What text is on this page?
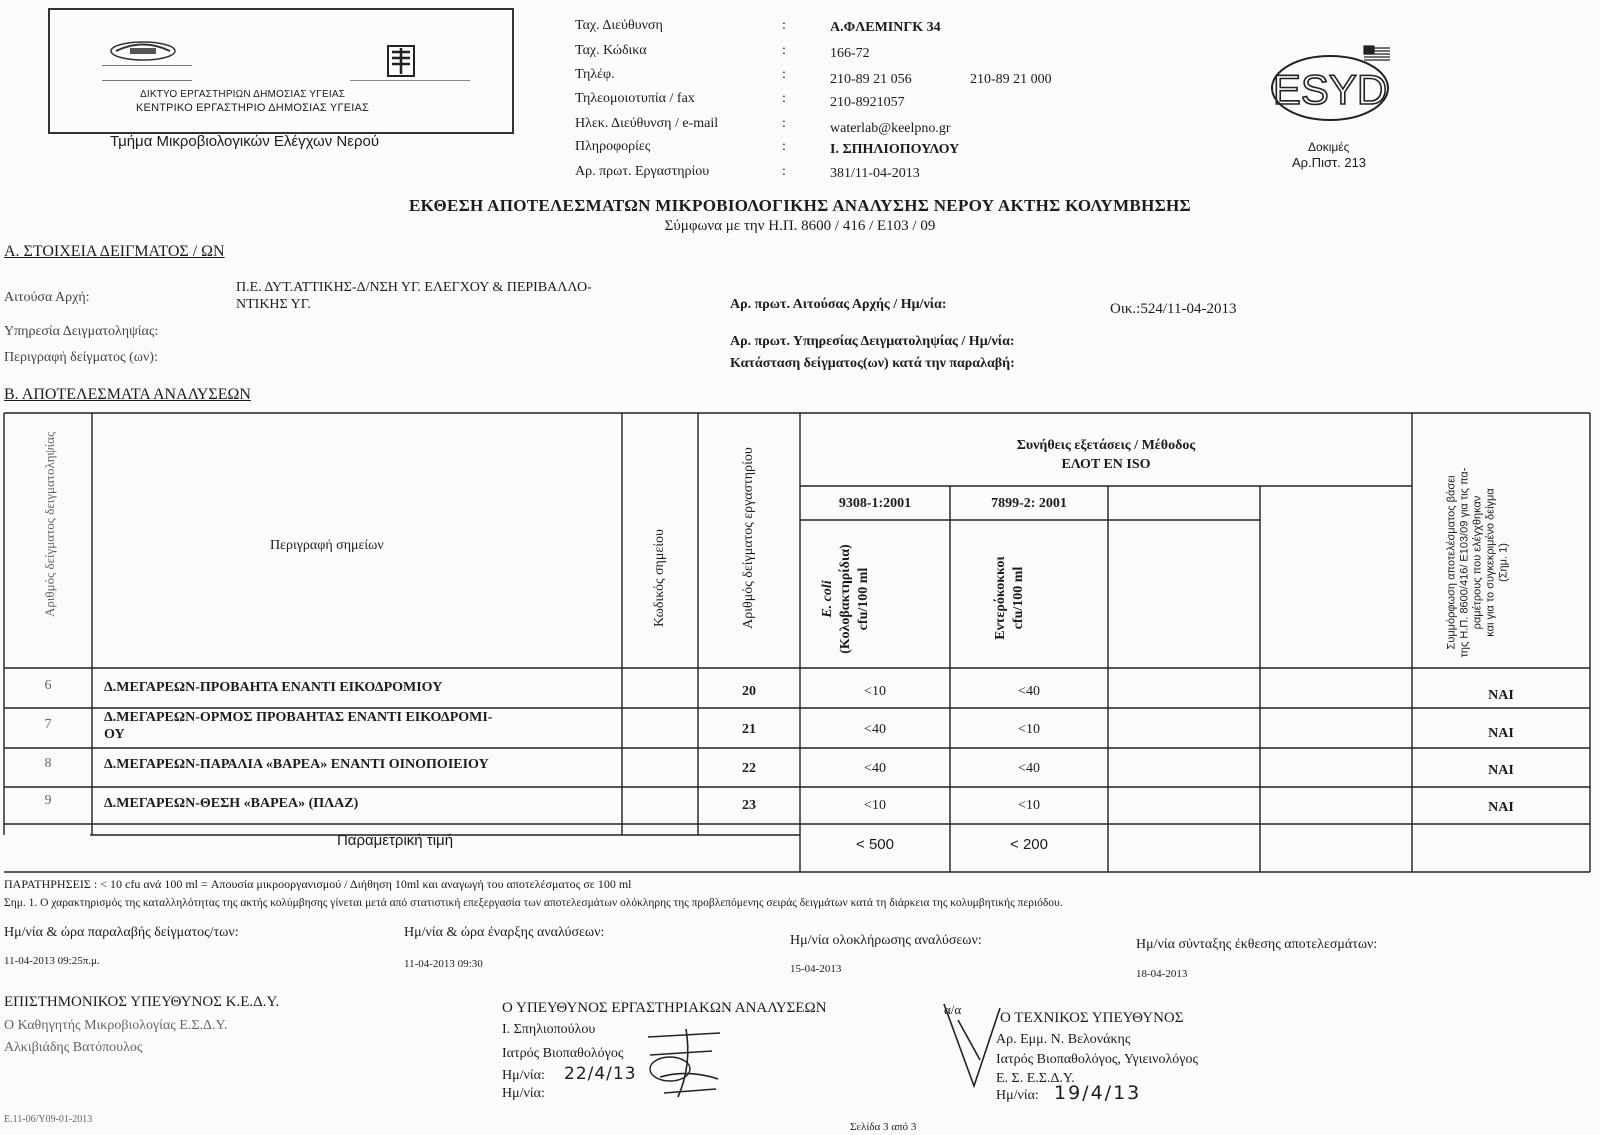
ΔΙΚΤΥΟ ΕΡΓΑΣΤΗΡΙΩΝ ΔΗΜΟΣΙΑΣ ΥΓΕΙΑΣ
ΚΕΝΤΡΙΚΟ ΕΡΓΑΣΤΗΡΙΟ ΔΗΜΟΣΙΑΣ ΥΓΕΙΑΣ
Τμήμα Μικροβιολογικών Ελέγχων Νερού
Ταχ. Διεύθυνση	:	Α.ΦΛΕΜΙΝΓΚ 34
Ταχ. Κώδικα	:	166-72
Τηλέφ.	:	210-89 21 056	210-89 21 000
Τηλεομοιοτυπία / fax	:	210-8921057
Ηλεκ. Διεύθυνση / e-mail	:	waterlab@keelpno.gr
Πληροφορίες	:	Ι. ΣΠΗΛΙΟΠΟΥΛΟΥ
Αρ. πρωτ. Εργαστηρίου	:	381/11-04-2013
ESYD
Δοκιμές
Αρ.Πιστ. 213
ΕΚΘΕΣΗ ΑΠΟΤΕΛΕΣΜΑΤΩΝ ΜΙΚΡΟΒΙΟΛΟΓΙΚΗΣ ΑΝΑΛΥΣΗΣ ΝΕΡΟΥ ΑΚΤΗΣ ΚΟΛΥΜΒΗΣΗΣ
Σύμφωνα με την Η.Π. 8600 / 416 / Ε103 / 09
Α. ΣΤΟΙΧΕΙΑ ΔΕΙΓΜΑΤΟΣ / ΩΝ
Αιτούσα Αρχή:
Π.Ε. ΔΥΤ.ΑΤΤΙΚΗΣ-Δ/ΝΣΗ ΥΓ. ΕΛΕΓΧΟΥ & ΠΕΡΙΒΑΛΛΟ-
ΝΤΙΚΗΣ ΥΓ.
Υπηρεσία Δειγματοληψίας:
Περιγραφή δείγματος (ων):
Αρ. πρωτ. Αιτούσας Αρχής / Ημ/νία:	Οικ.:524/11-04-2013
Αρ. πρωτ. Υπηρεσίας Δειγματοληψίας / Ημ/νία:
Κατάσταση δείγματος(ων) κατά την παραλαβή:
Β. ΑΠΟΤΕΛΕΣΜΑΤΑ ΑΝΑΛΥΣΕΩΝ
Αριθμός δείγματος δειγματοληψίας	Περιγραφή σημείων	Κωδικός σημείου	Αριθμός δείγματος εργαστηρίου
Συνήθεις εξετάσεις / Μέθοδος
ΕΛΟΤ ΕΝ ISO
9308-1:2001	7899-2: 2001
E. coli (Κολοβακτηρίδια) cfu/100 ml	Εντερόκοκκοι cfu/100 ml	Συμμόρφωση αποτελέσματος βάσει της Η.Π. 8600/416/ Ε103/09 για τις πα- ραμέτρους που ελέγχθηκαν και για το συγκεκριμένο δείγμα (Σημ. 1)
6	Δ.ΜΕΓΑΡΕΩΝ-ΠΡΟΒΑΗΤΑ ΕΝΑΝΤΙ ΕΙΚΟΔΡΟΜΙΟΥ	20	<10	<40	ΝΑΙ
7	Δ.ΜΕΓΑΡΕΩΝ-ΟΡΜΟΣ ΠΡΟΒΑΗΤΑΣ ΕΝΑΝΤΙ ΕΙΚΟΔΡΟΜΙ-
ΟΥ	21	<40	<10	ΝΑΙ
8	Δ.ΜΕΓΑΡΕΩΝ-ΠΑΡΑΛΙΑ «ΒΑΡΕΑ» ΕΝΑΝΤΙ ΟΙΝΟΠΟΙΕΙΟΥ	22	<40	<40	ΝΑΙ
9	Δ.ΜΕΓΑΡΕΩΝ-ΘΕΣΗ «ΒΑΡΕΑ» (ΠΛΑΖ)	23	<10	<10	ΝΑΙ
Παραμετρική τιμή	< 500	< 200
ΠΑΡΑΤΗΡΗΣΕΙΣ : < 10 cfu ανά 100 ml = Απουσία μικροοργανισμού / Διήθηση 10ml και αναγωγή του αποτελέσματος σε 100 ml
Σημ. 1. Ο χαρακτηρισμός της καταλληλότητας της ακτής κολύμβησης γίνεται μετά από στατιστική επεξεργασία των αποτελεσμάτων ολόκληρης της προβλεπόμενης σειράς δειγμάτων κατά τη διάρκεια της κολυμβητικής περιόδου.
Ημ/νία & ώρα παραλαβής δείγματος/των:
11-04-2013 09:25π.μ.
Ημ/νία & ώρα έναρξης αναλύσεων:
11-04-2013 09:30
Ημ/νία ολοκλήρωσης αναλύσεων:
15-04-2013
Ημ/νία σύνταξης έκθεσης αποτελεσμάτων:
18-04-2013
ΕΠΙΣΤΗΜΟΝΙΚΟΣ ΥΠΕΥΘΥΝΟΣ Κ.Ε.Δ.Υ.
Ο Καθηγητής Μικροβιολογίας Ε.Σ.Δ.Υ.
Αλκιβιάδης Βατόπουλος
Ο ΥΠΕΥΘΥΝΟΣ ΕΡΓΑΣΤΗΡΙΑΚΩΝ ΑΝΑΛΥΣΕΩΝ
Ι. Σπηλιοπούλου
Ιατρός Βιοπαθολόγος
Ημ/νία: 22/4/13
Ημ/νία:
α/α
Ο ΤΕΧΝΙΚΟΣ ΥΠΕΥΘΥΝΟΣ
Αρ. Εμμ. Ν. Βελονάκης
Ιατρός Βιοπαθολόγος, Υγιεινολόγος
Ε. Σ. Ε.Σ.Δ.Υ.
Ημ/νία: 19/4/13
Ε.11-06/Υ09-01-2013
Σελίδα 3 από 3
